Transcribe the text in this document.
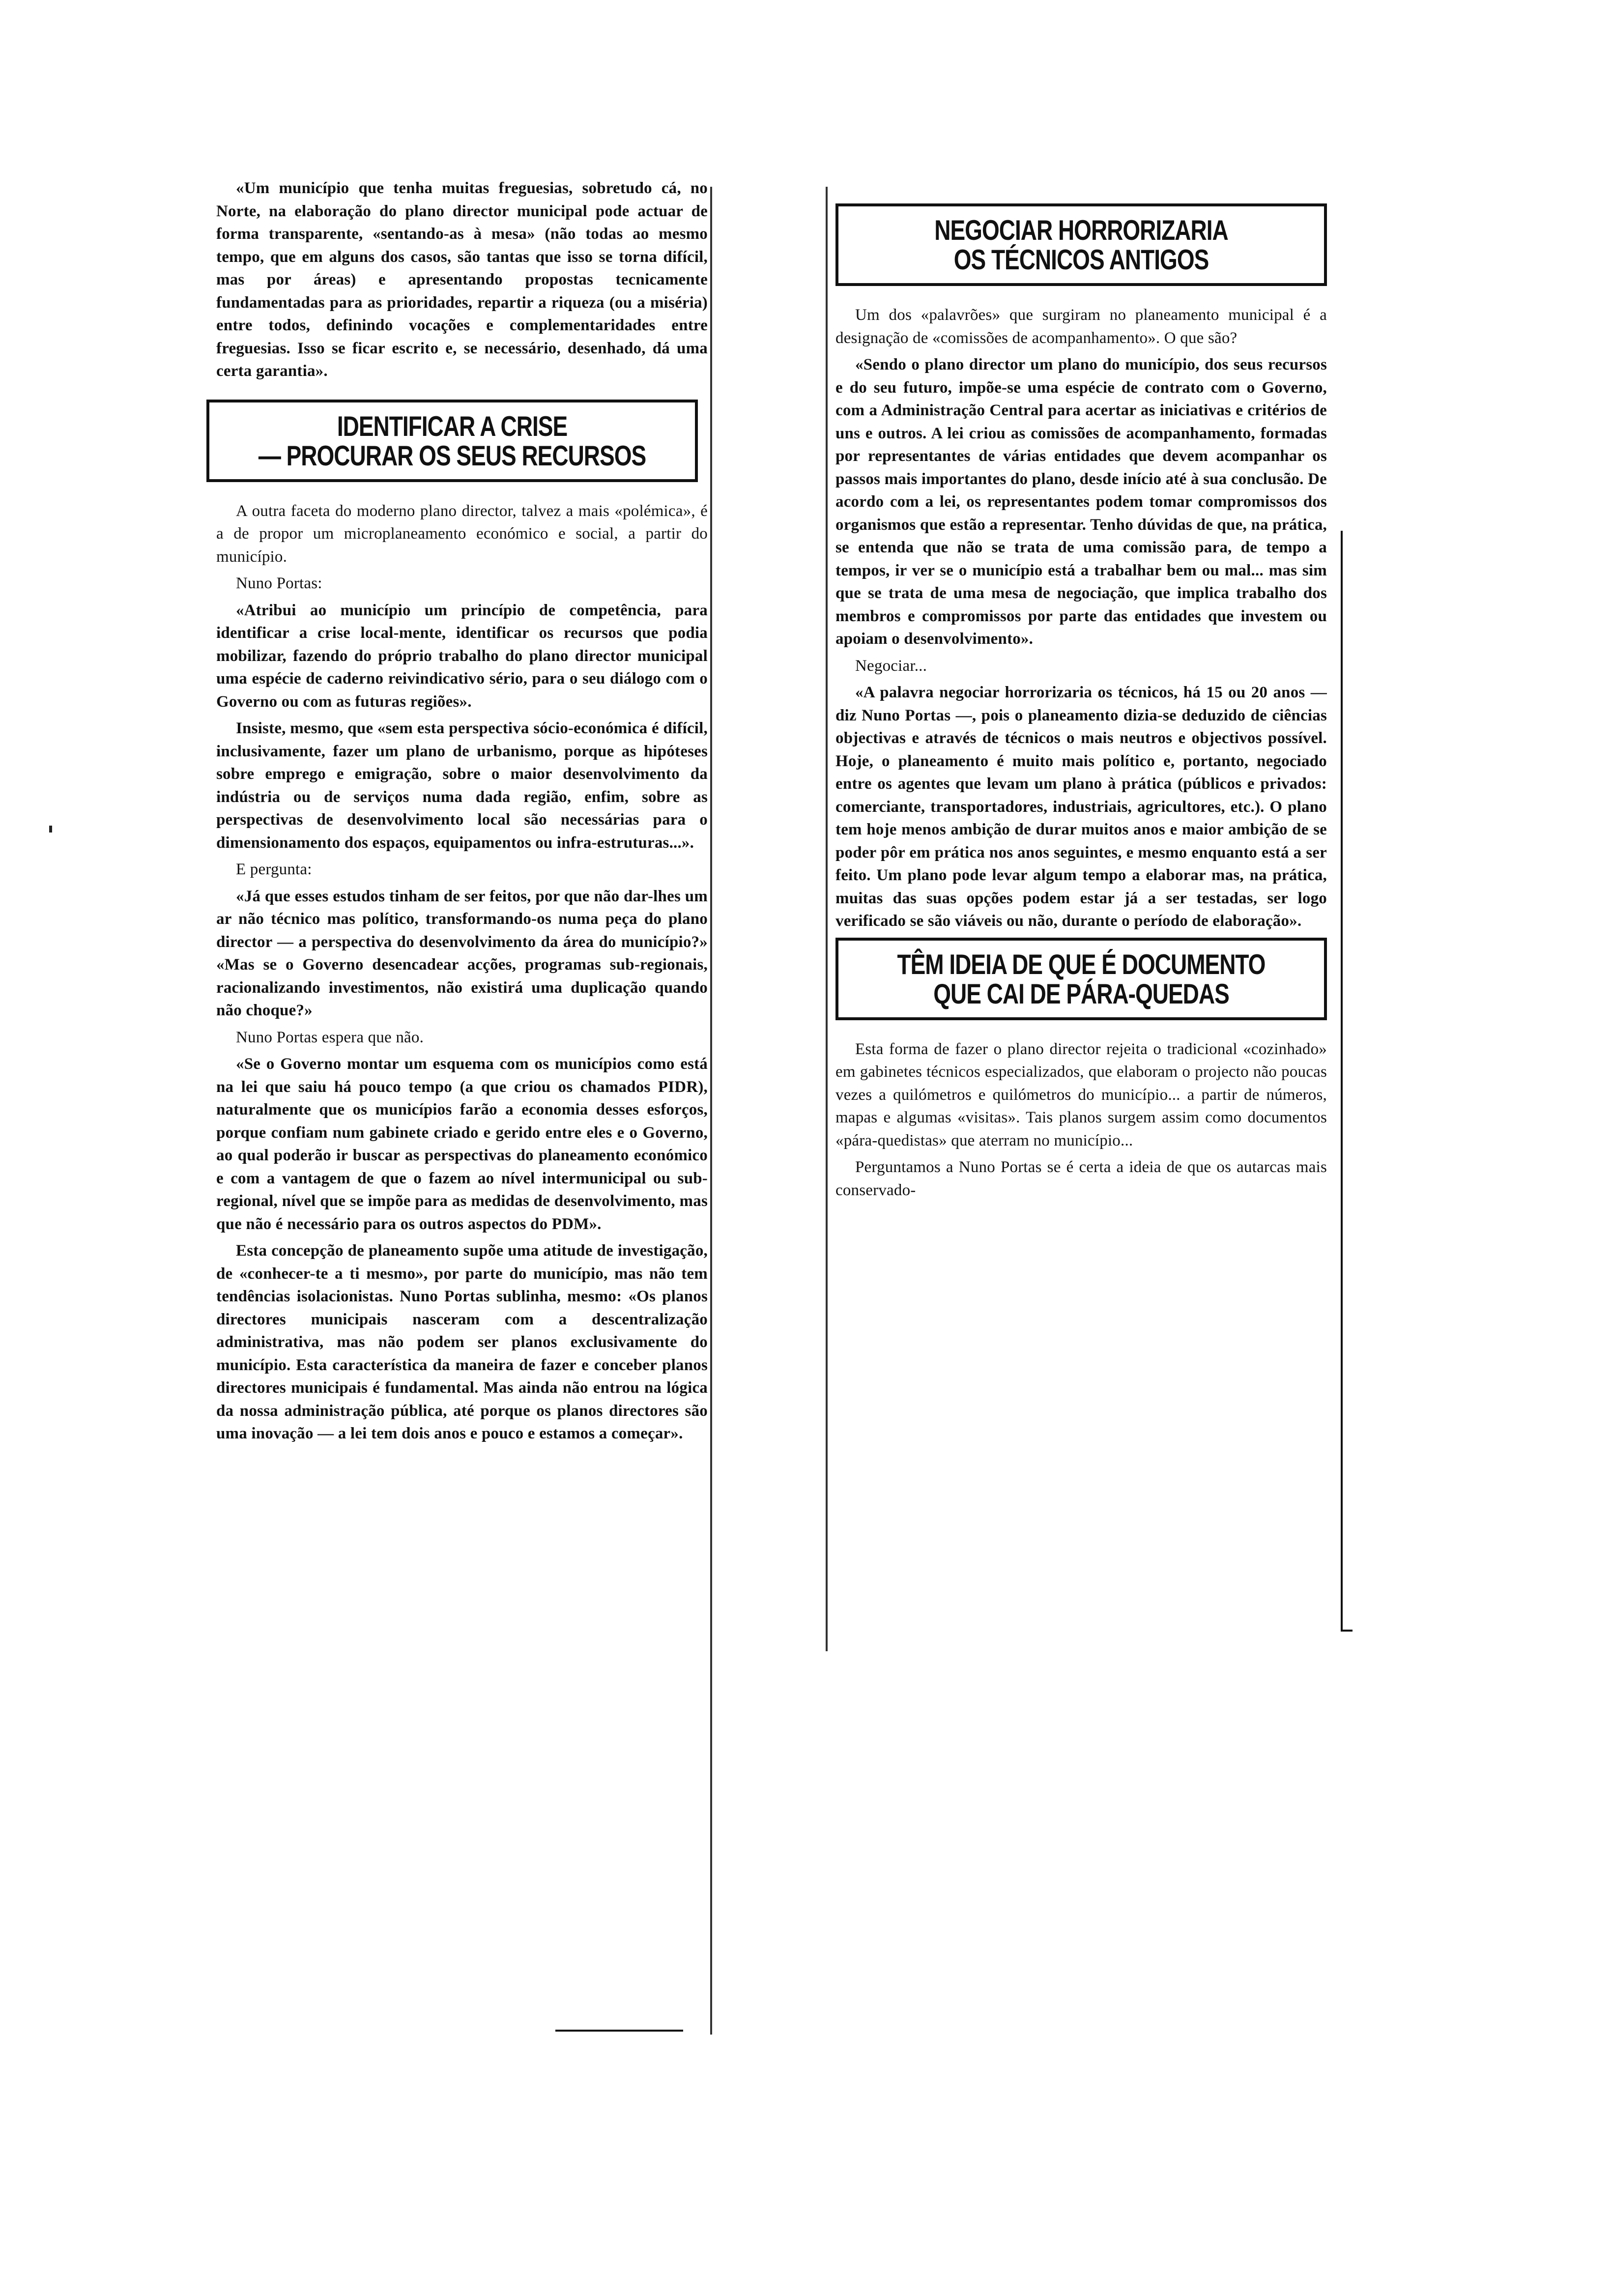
«Um município que tenha muitas freguesias, sobretudo cá, no Norte, na elaboração do plano director municipal pode actuar de forma transparente, «sentando-as à mesa» (não todas ao mesmo tempo, que em alguns dos casos, são tantas que isso se torna difícil, mas por áreas) e apresentando propostas tecnicamente fundamentadas para as prioridades, repartir a riqueza (ou a miséria) entre todos, definindo vocações e complementaridades entre freguesias. Isso se ficar escrito e, se necessário, desenhado, dá uma certa garantia».

IDENTIFICAR A CRISE
— PROCURAR OS SEUS RECURSOS

A outra faceta do moderno plano director, talvez a mais «polémica», é a de propor um microplaneamento económico e social, a partir do município.

Nuno Portas:

«Atribui ao município um princípio de competência, para identificar a crise local-mente, identificar os recursos que podia mobilizar, fazendo do próprio trabalho do plano director municipal uma espécie de caderno reivindicativo sério, para o seu diálogo com o Governo ou com as futuras regiões».

Insiste, mesmo, que «sem esta perspectiva sócio-económica é difícil, inclusivamente, fazer um plano de urbanismo, porque as hipóteses sobre emprego e emigração, sobre o maior desenvolvimento da indústria ou de serviços numa dada região, enfim, sobre as perspectivas de desenvolvimento local são necessárias para o dimensionamento dos espaços, equipamentos ou infra-estruturas...».

E pergunta:

«Já que esses estudos tinham de ser feitos, por que não dar-lhes um ar não técnico mas político, transformando-os numa peça do plano director — a perspectiva do desenvolvimento da área do município?» «Mas se o Governo desencadear acções, programas sub-regionais, racionalizando investimentos, não existirá uma duplicação quando não choque?»

Nuno Portas espera que não.

«Se o Governo montar um esquema com os municípios como está na lei que saiu há pouco tempo (a que criou os chamados PIDR), naturalmente que os municípios farão a economia desses esforços, porque confiam num gabinete criado e gerido entre eles e o Governo, ao qual poderão ir buscar as perspectivas do planeamento económico e com a vantagem de que o fazem ao nível intermunicipal ou sub-regional, nível que se impõe para as medidas de desenvolvimento, mas que não é necessário para os outros aspectos do PDM».

Esta concepção de planeamento supõe uma atitude de investigação, de «conhecer-te a ti mesmo», por parte do município, mas não tem tendências isolacionistas. Nuno Portas sublinha, mesmo: «Os planos directores municipais nasceram com a descentralização administrativa, mas não podem ser planos exclusivamente do município. Esta característica da maneira de fazer e conceber planos directores municipais é fundamental. Mas ainda não entrou na lógica da nossa administração pública, até porque os planos directores são uma inovação — a lei tem dois anos e pouco e estamos a começar».

NEGOCIAR HORRORIZARIA
OS TÉCNICOS ANTIGOS

Um dos «palavrões» que surgiram no planeamento municipal é a designação de «comissões de acompanhamento». O que são?

«Sendo o plano director um plano do município, dos seus recursos e do seu futuro, impõe-se uma espécie de contrato com o Governo, com a Administração Central para acertar as iniciativas e critérios de uns e outros. A lei criou as comissões de acompanhamento, formadas por representantes de várias entidades que devem acompanhar os passos mais importantes do plano, desde início até à sua conclusão. De acordo com a lei, os representantes podem tomar compromissos dos organismos que estão a representar. Tenho dúvidas de que, na prática, se entenda que não se trata de uma comissão para, de tempo a tempos, ir ver se o município está a trabalhar bem ou mal... mas sim que se trata de uma mesa de negociação, que implica trabalho dos membros e compromissos por parte das entidades que investem ou apoiam o desenvolvimento».

Negociar...

«A palavra negociar horrorizaria os técnicos, há 15 ou 20 anos — diz Nuno Portas —, pois o planeamento dizia-se deduzido de ciências objectivas e através de técnicos o mais neutros e objectivos possível. Hoje, o planeamento é muito mais político e, portanto, negociado entre os agentes que levam um plano à prática (públicos e privados: comerciante, transportadores, industriais, agricultores, etc.). O plano tem hoje menos ambição de durar muitos anos e maior ambição de se poder pôr em prática nos anos seguintes, e mesmo enquanto está a ser feito. Um plano pode levar algum tempo a elaborar mas, na prática, muitas das suas opções podem estar já a ser testadas, ser logo verificado se são viáveis ou não, durante o período de elaboração».

TÊM IDEIA DE QUE É DOCUMENTO
QUE CAI DE PÁRA-QUEDAS

Esta forma de fazer o plano director rejeita o tradicional «cozinhado» em gabinetes técnicos especializados, que elaboram o projecto não poucas vezes a quilómetros e quilómetros do município... a partir de números, mapas e algumas «visitas». Tais planos surgem assim como documentos «pára-quedistas» que aterram no município...

Perguntamos a Nuno Portas se é certa a ideia de que os autarcas mais conservado-
